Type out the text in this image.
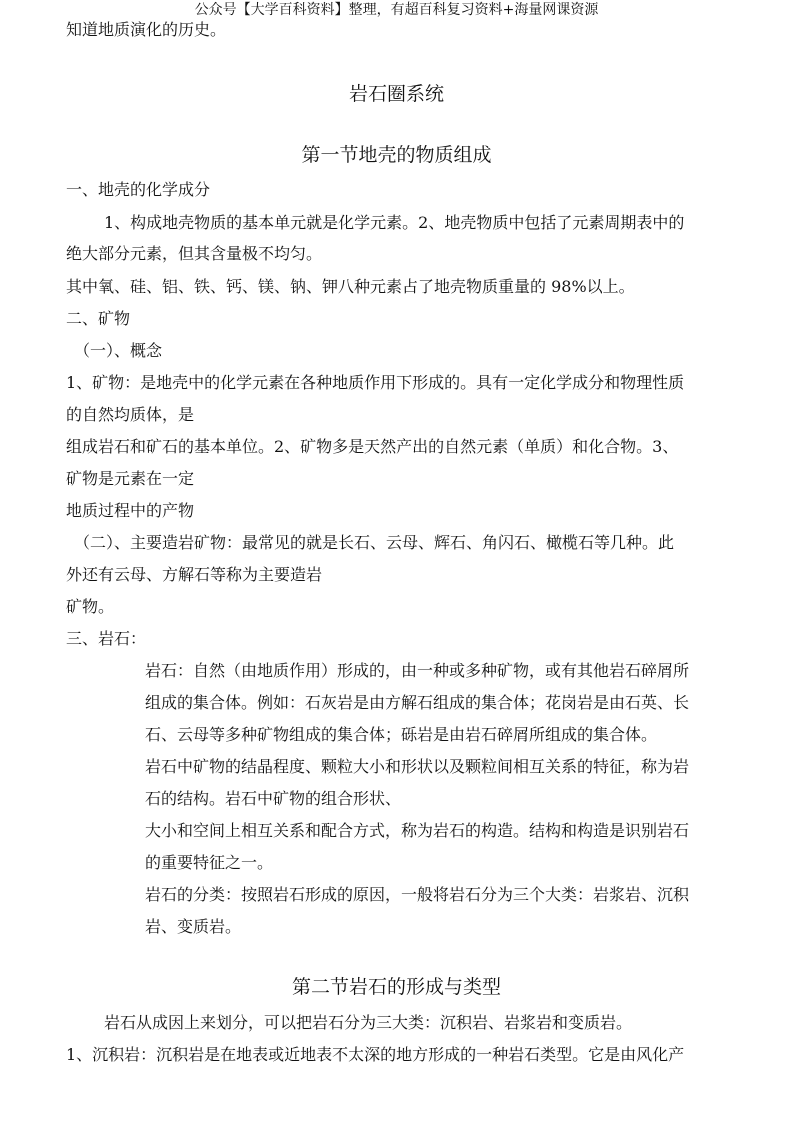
公众号【大学百科资料】整理，有超百科复习资料+海量网课资源
知道地质演化的历史。
岩石圈系统
第一节地壳的物质组成
一、地壳的化学成分
1、构成地壳物质的基本单元就是化学元素。2、地壳物质中包括了元素周期表中的
绝大部分元素，但其含量极不均匀。
其中氧、硅、铝、铁、钙、镁、钠、钾八种元素占了地壳物质重量的 98%以上。
二、矿物
（一）、概念
1、矿物：是地壳中的化学元素在各种地质作用下形成的。具有一定化学成分和物理性质
的自然均质体，是
组成岩石和矿石的基本单位。2、矿物多是天然产出的自然元素（单质）和化合物。3、
矿物是元素在一定
地质过程中的产物
（二）、主要造岩矿物：最常见的就是长石、云母、辉石、角闪石、橄榄石等几种。此
外还有云母、方解石等称为主要造岩
矿物。
三、岩石：
岩石：自然（由地质作用）形成的，由一种或多种矿物，或有其他岩石碎屑所
组成的集合体。例如：石灰岩是由方解石组成的集合体；花岗岩是由石英、长
石、云母等多种矿物组成的集合体；砾岩是由岩石碎屑所组成的集合体。
岩石中矿物的结晶程度、颗粒大小和形状以及颗粒间相互关系的特征，称为岩
石的结构。岩石中矿物的组合形状、
大小和空间上相互关系和配合方式，称为岩石的构造。结构和构造是识别岩石
的重要特征之一。
岩石的分类：按照岩石形成的原因，一般将岩石分为三个大类：岩浆岩、沉积
岩、变质岩。
第二节岩石的形成与类型
岩石从成因上来划分，可以把岩石分为三大类：沉积岩、岩浆岩和变质岩。
1、沉积岩：沉积岩是在地表或近地表不太深的地方形成的一种岩石类型。它是由风化产
